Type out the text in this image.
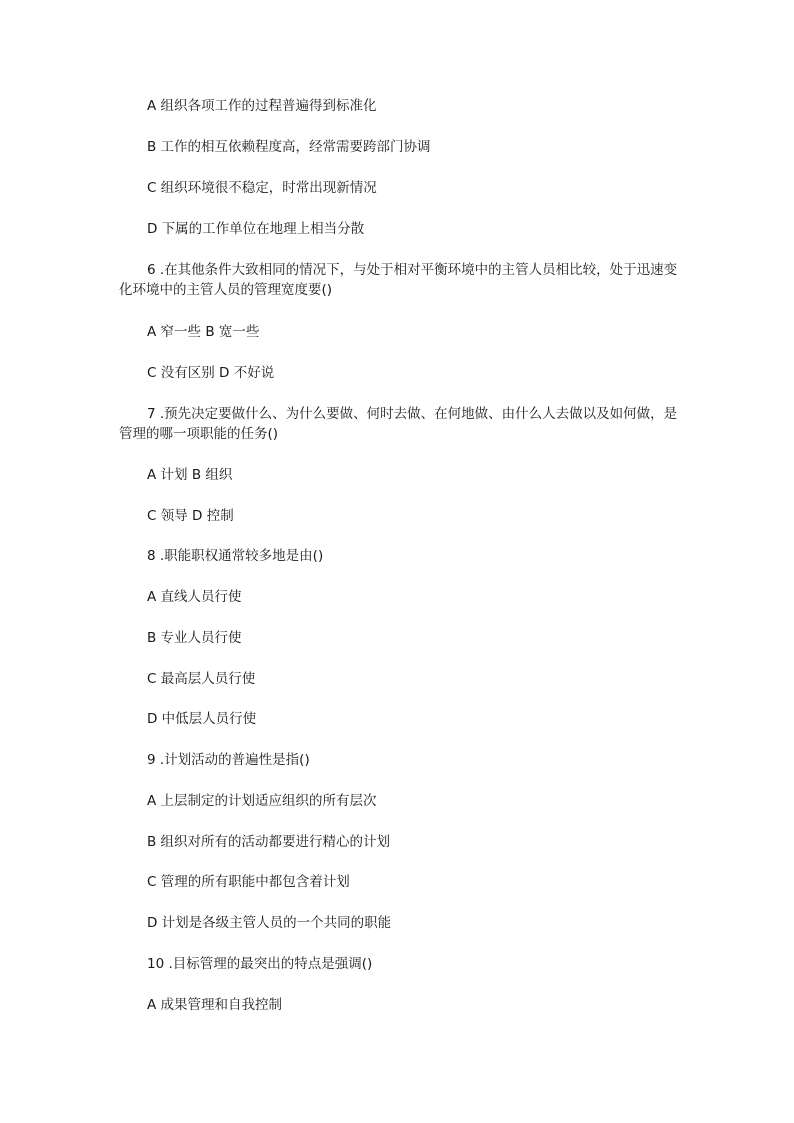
A 组织各项工作的过程普遍得到标准化
B 工作的相互依赖程度高，经常需要跨部门协调
C 组织环境很不稳定，时常出现新情况
D 下属的工作单位在地理上相当分散
6 .在其他条件大致相同的情况下，与处于相对平衡环境中的主管人员相比较，处于迅速变化环境中的主管人员的管理宽度要()
A 窄一些 B 宽一些
C 没有区别 D 不好说
7 .预先决定要做什么、为什么要做、何时去做、在何地做、由什么人去做以及如何做，是管理的哪一项职能的任务()
A 计划 B 组织
C 领导 D 控制
8 .职能职权通常较多地是由()
A 直线人员行使
B 专业人员行使
C 最高层人员行使
D 中低层人员行使
9 .计划活动的普遍性是指()
A 上层制定的计划适应组织的所有层次
B 组织对所有的活动都要进行精心的计划
C 管理的所有职能中都包含着计划
D 计划是各级主管人员的一个共同的职能
10 .目标管理的最突出的特点是强调()
A 成果管理和自我控制
